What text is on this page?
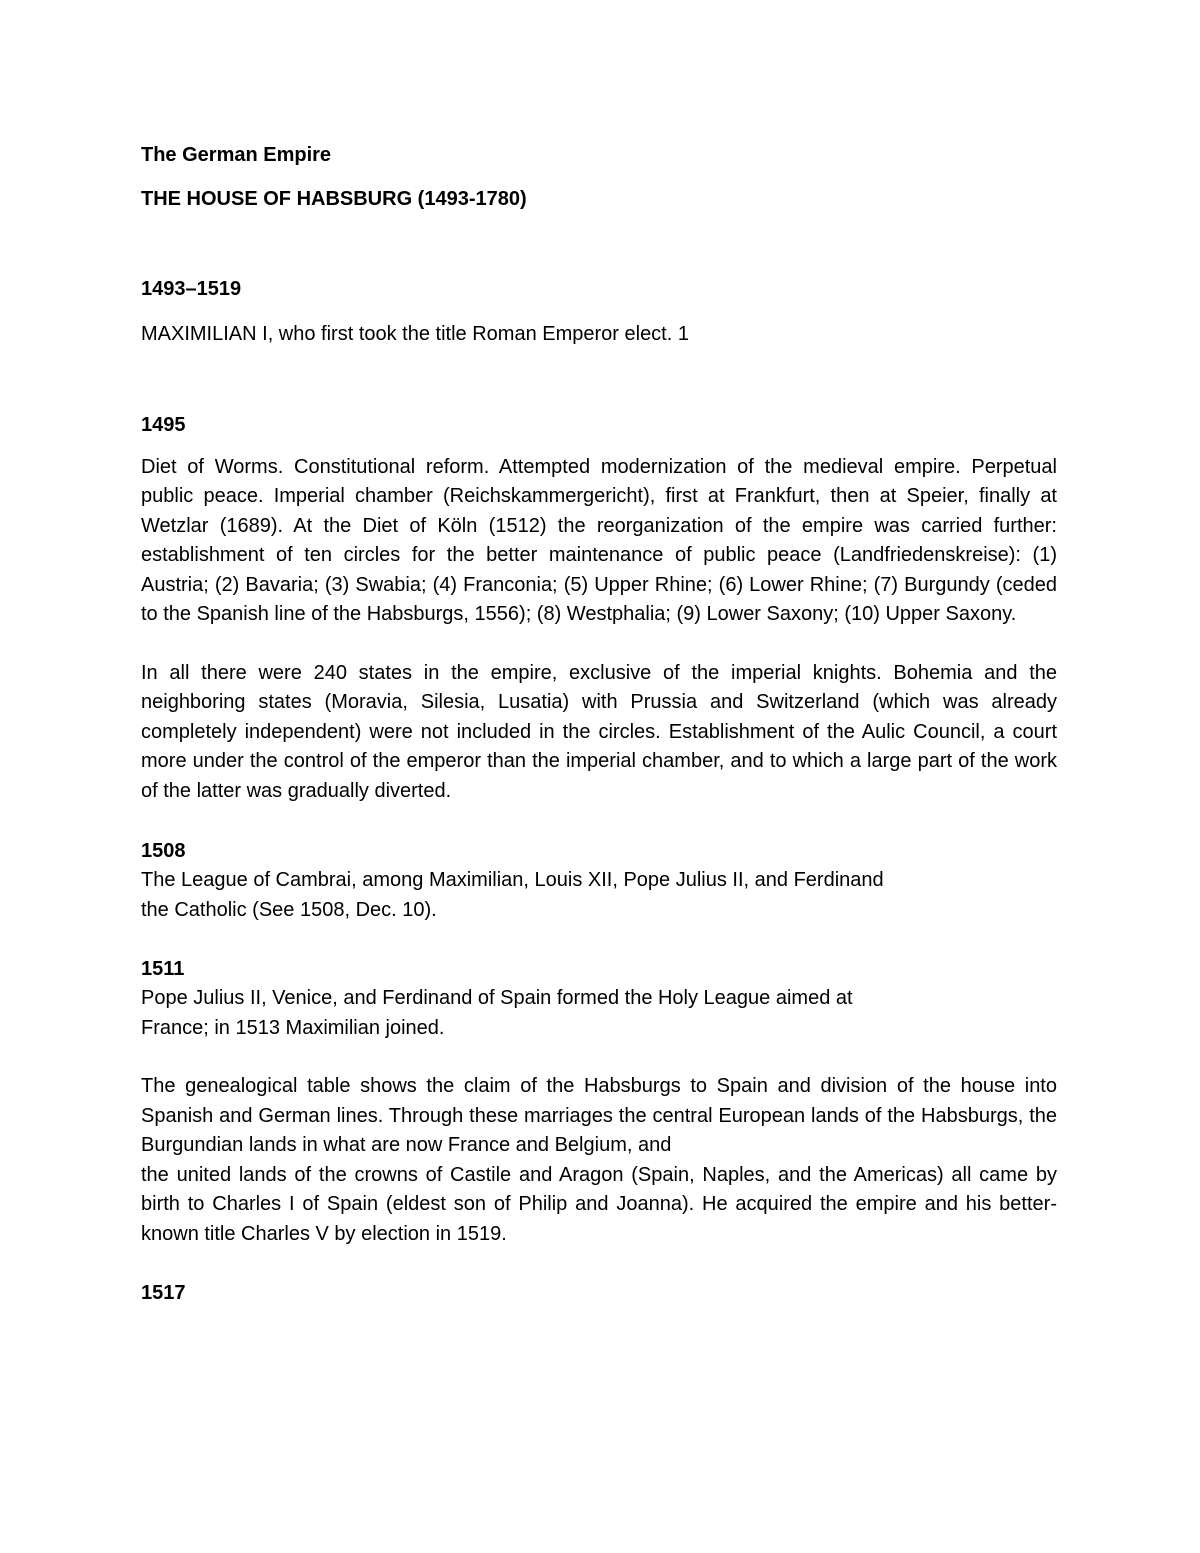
The German Empire

THE HOUSE OF HABSBURG (1493-1780)

1493–1519

MAXIMILIAN I, who first took the title Roman Emperor elect. 1

1495

Diet of Worms. Constitutional reform. Attempted modernization of the medieval empire. Perpetual public peace. Imperial chamber (Reichskammergericht), first at Frankfurt, then at Speier, finally at Wetzlar (1689). At the Diet of Köln (1512) the reorganization of the empire was carried further: establishment of ten circles for the better maintenance of public peace (Landfriedenskreise): (1) Austria; (2) Bavaria; (3) Swabia; (4) Franconia; (5) Upper Rhine; (6) Lower Rhine; (7) Burgundy (ceded to the Spanish line of the Habsburgs, 1556); (8) Westphalia; (9) Lower Saxony; (10) Upper Saxony.

In all there were 240 states in the empire, exclusive of the imperial knights. Bohemia and the neighboring states (Moravia, Silesia, Lusatia) with Prussia and Switzerland (which was already completely independent) were not included in the circles. Establishment of the Aulic Council, a court more under the control of the emperor than the imperial chamber, and to which a large part of the work of the latter was gradually diverted.

1508

The League of Cambrai, among Maximilian, Louis XII, Pope Julius II, and Ferdinand
the Catholic (See 1508, Dec. 10).

1511

Pope Julius II, Venice, and Ferdinand of Spain formed the Holy League aimed at
France; in 1513 Maximilian joined.

The genealogical table shows the claim of the Habsburgs to Spain and division of the house into Spanish and German lines. Through these marriages the central European lands of the Habsburgs, the Burgundian lands in what are now France and Belgium, and

the united lands of the crowns of Castile and Aragon (Spain, Naples, and the Americas) all came by birth to Charles I of Spain (eldest son of Philip and Joanna). He acquired the empire and his better-known title Charles V by election in 1519.

1517
